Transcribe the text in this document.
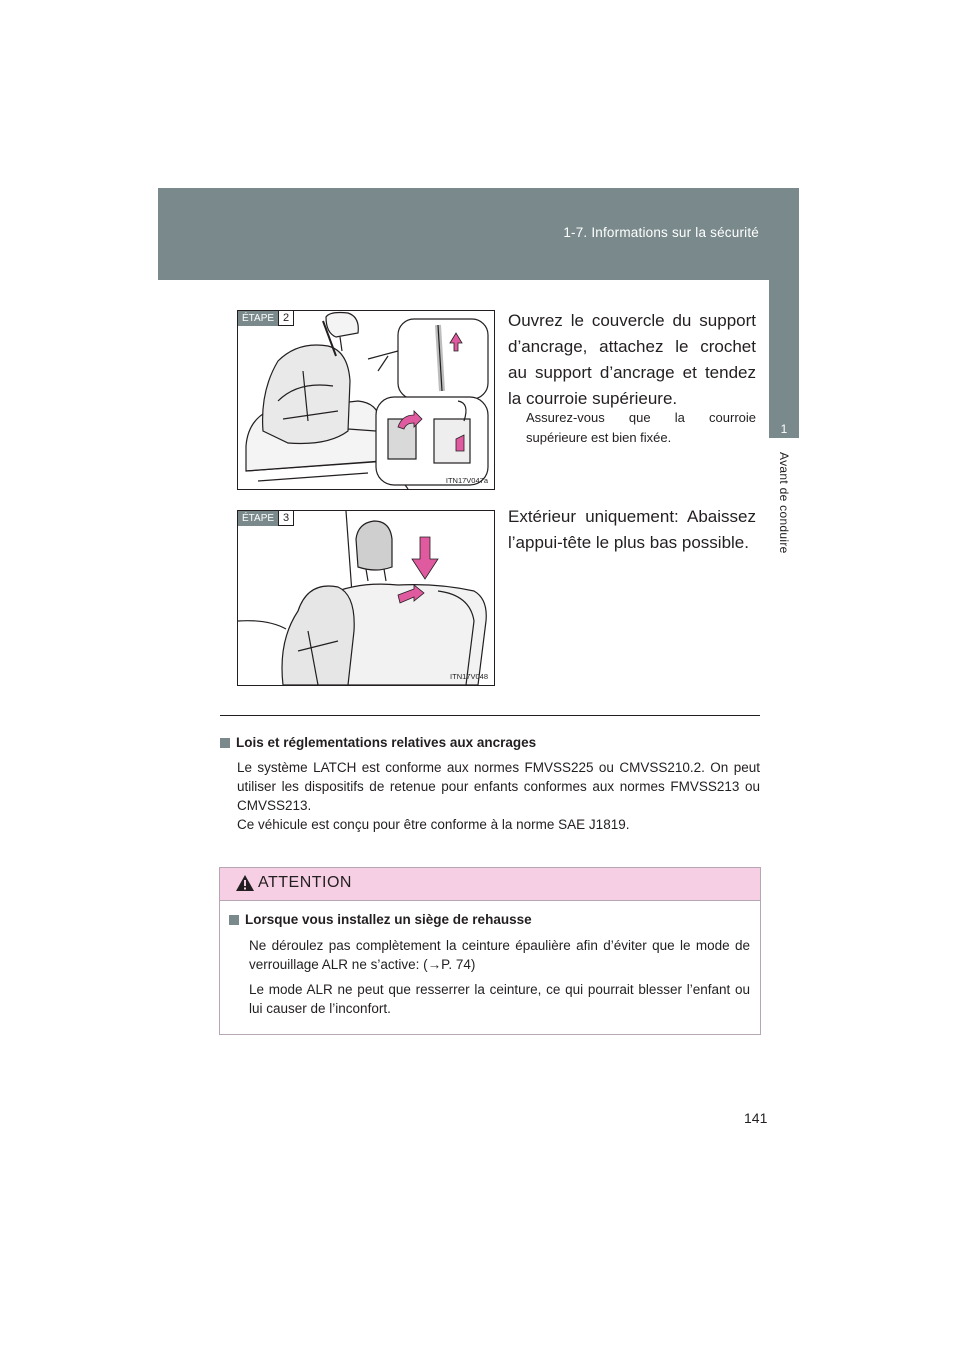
1-7. Informations sur la sécurité
1
Avant de conduire
ÉTAPE 2
ITN17V047a
Ouvrez le couvercle du support d’ancrage, attachez le crochet au support d’ancrage et tendez la courroie supérieure.
Assurez-vous que la courroie supérieure est bien fixée.
ÉTAPE 3
ITN17V048
Extérieur uniquement: Abaissez l’appui-tête le plus bas possible.
Lois et réglementations relatives aux ancrages

Le système LATCH est conforme aux normes FMVSS225 ou CMVSS210.2. On peut utiliser les dispositifs de retenue pour enfants conformes aux normes FMVSS213 ou CMVSS213.

Ce véhicule est conçu pour être conforme à la norme SAE J1819.

ATTENTION
Lorsque vous installez un siège de rehausse

Ne déroulez pas complètement la ceinture épaulière afin d’éviter que le mode de verrouillage ALR ne s’active: (→P. 74)

Le mode ALR ne peut que resserrer la ceinture, ce qui pourrait blesser l’enfant ou lui causer de l’inconfort.

141
